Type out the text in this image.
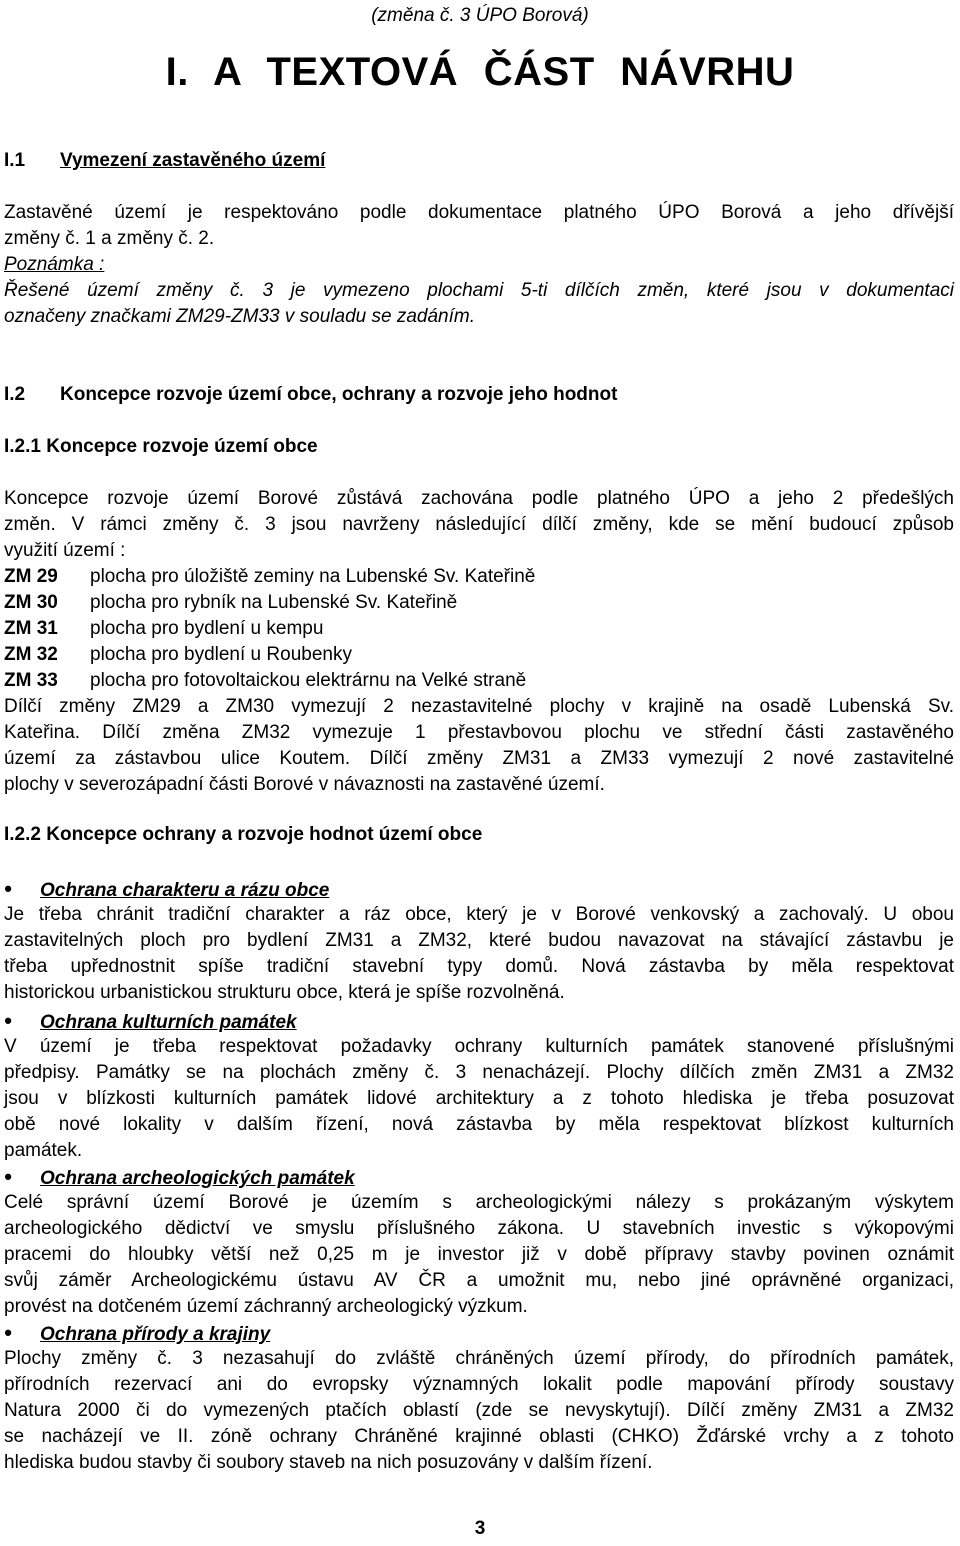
(změna č. 3 ÚPO Borová)
I. A TEXTOVÁ ČÁST NÁVRHU
I.1 Vymezení zastavěného území
Zastavěné území je respektováno podle dokumentace platného ÚPO Borová a jeho dřívější
změny č. 1 a změny č. 2.
Poznámka :
Řešené území změny č. 3 je vymezeno plochami 5-ti dílčích změn, které jsou v dokumentaci
označeny značkami ZM29-ZM33 v souladu se zadáním.
I.2 Koncepce rozvoje území obce, ochrany a rozvoje jeho hodnot
I.2.1 Koncepce rozvoje území obce
Koncepce rozvoje území Borové zůstává zachována podle platného ÚPO a jeho 2 předešlých
změn. V rámci změny č. 3 jsou navrženy následující dílčí změny, kde se mění budoucí způsob
využití území :
ZM 29 plocha pro úložiště zeminy na Lubenské Sv. Kateřině
ZM 30 plocha pro rybník na Lubenské Sv. Kateřině
ZM 31 plocha pro bydlení u kempu
ZM 32 plocha pro bydlení u Roubenky
ZM 33 plocha pro fotovoltaickou elektrárnu na Velké straně
Dílčí změny ZM29 a ZM30 vymezují 2 nezastavitelné plochy v krajině na osadě Lubenská Sv.
Kateřina. Dílčí změna ZM32 vymezuje 1 přestavbovou plochu ve střední části zastavěného
území za zástavbou ulice Koutem. Dílčí změny ZM31 a ZM33 vymezují 2 nové zastavitelné
plochy v severozápadní části Borové v návaznosti na zastavěné území.
I.2.2 Koncepce ochrany a rozvoje hodnot území obce
• Ochrana charakteru a rázu obce
Je třeba chránit tradiční charakter a ráz obce, který je v Borové venkovský a zachovalý. U obou
zastavitelných ploch pro bydlení ZM31 a ZM32, které budou navazovat na stávající zástavbu je
třeba upřednostnit spíše tradiční stavební typy domů. Nová zástavba by měla respektovat
historickou urbanistickou strukturu obce, která je spíše rozvolněná.
• Ochrana kulturních památek
V území je třeba respektovat požadavky ochrany kulturních památek stanovené příslušnými
předpisy. Památky se na plochách změny č. 3 nenacházejí. Plochy dílčích změn ZM31 a ZM32
jsou v blízkosti kulturních památek lidové architektury a z tohoto hlediska je třeba posuzovat
obě nové lokality v dalším řízení, nová zástavba by měla respektovat blízkost kulturních
památek.
• Ochrana archeologických památek
Celé správní území Borové je územím s archeologickými nálezy s prokázaným výskytem
archeologického dědictví ve smyslu příslušného zákona. U stavebních investic s výkopovými
pracemi do hloubky větší než 0,25 m je investor již v době přípravy stavby povinen oznámit
svůj záměr Archeologickému ústavu AV ČR a umožnit mu, nebo jiné oprávněné organizaci,
provést na dotčeném území záchranný archeologický výzkum.
• Ochrana přírody a krajiny
Plochy změny č. 3 nezasahují do zvláště chráněných území přírody, do přírodních památek,
přírodních rezervací ani do evropsky významných lokalit podle mapování přírody soustavy
Natura 2000 či do vymezených ptačích oblastí (zde se nevyskytují). Dílčí změny ZM31 a ZM32
se nacházejí ve II. zóně ochrany Chráněné krajinné oblasti (CHKO) Žďárské vrchy a z tohoto
hlediska budou stavby či soubory staveb na nich posuzovány v dalším řízení.
3
